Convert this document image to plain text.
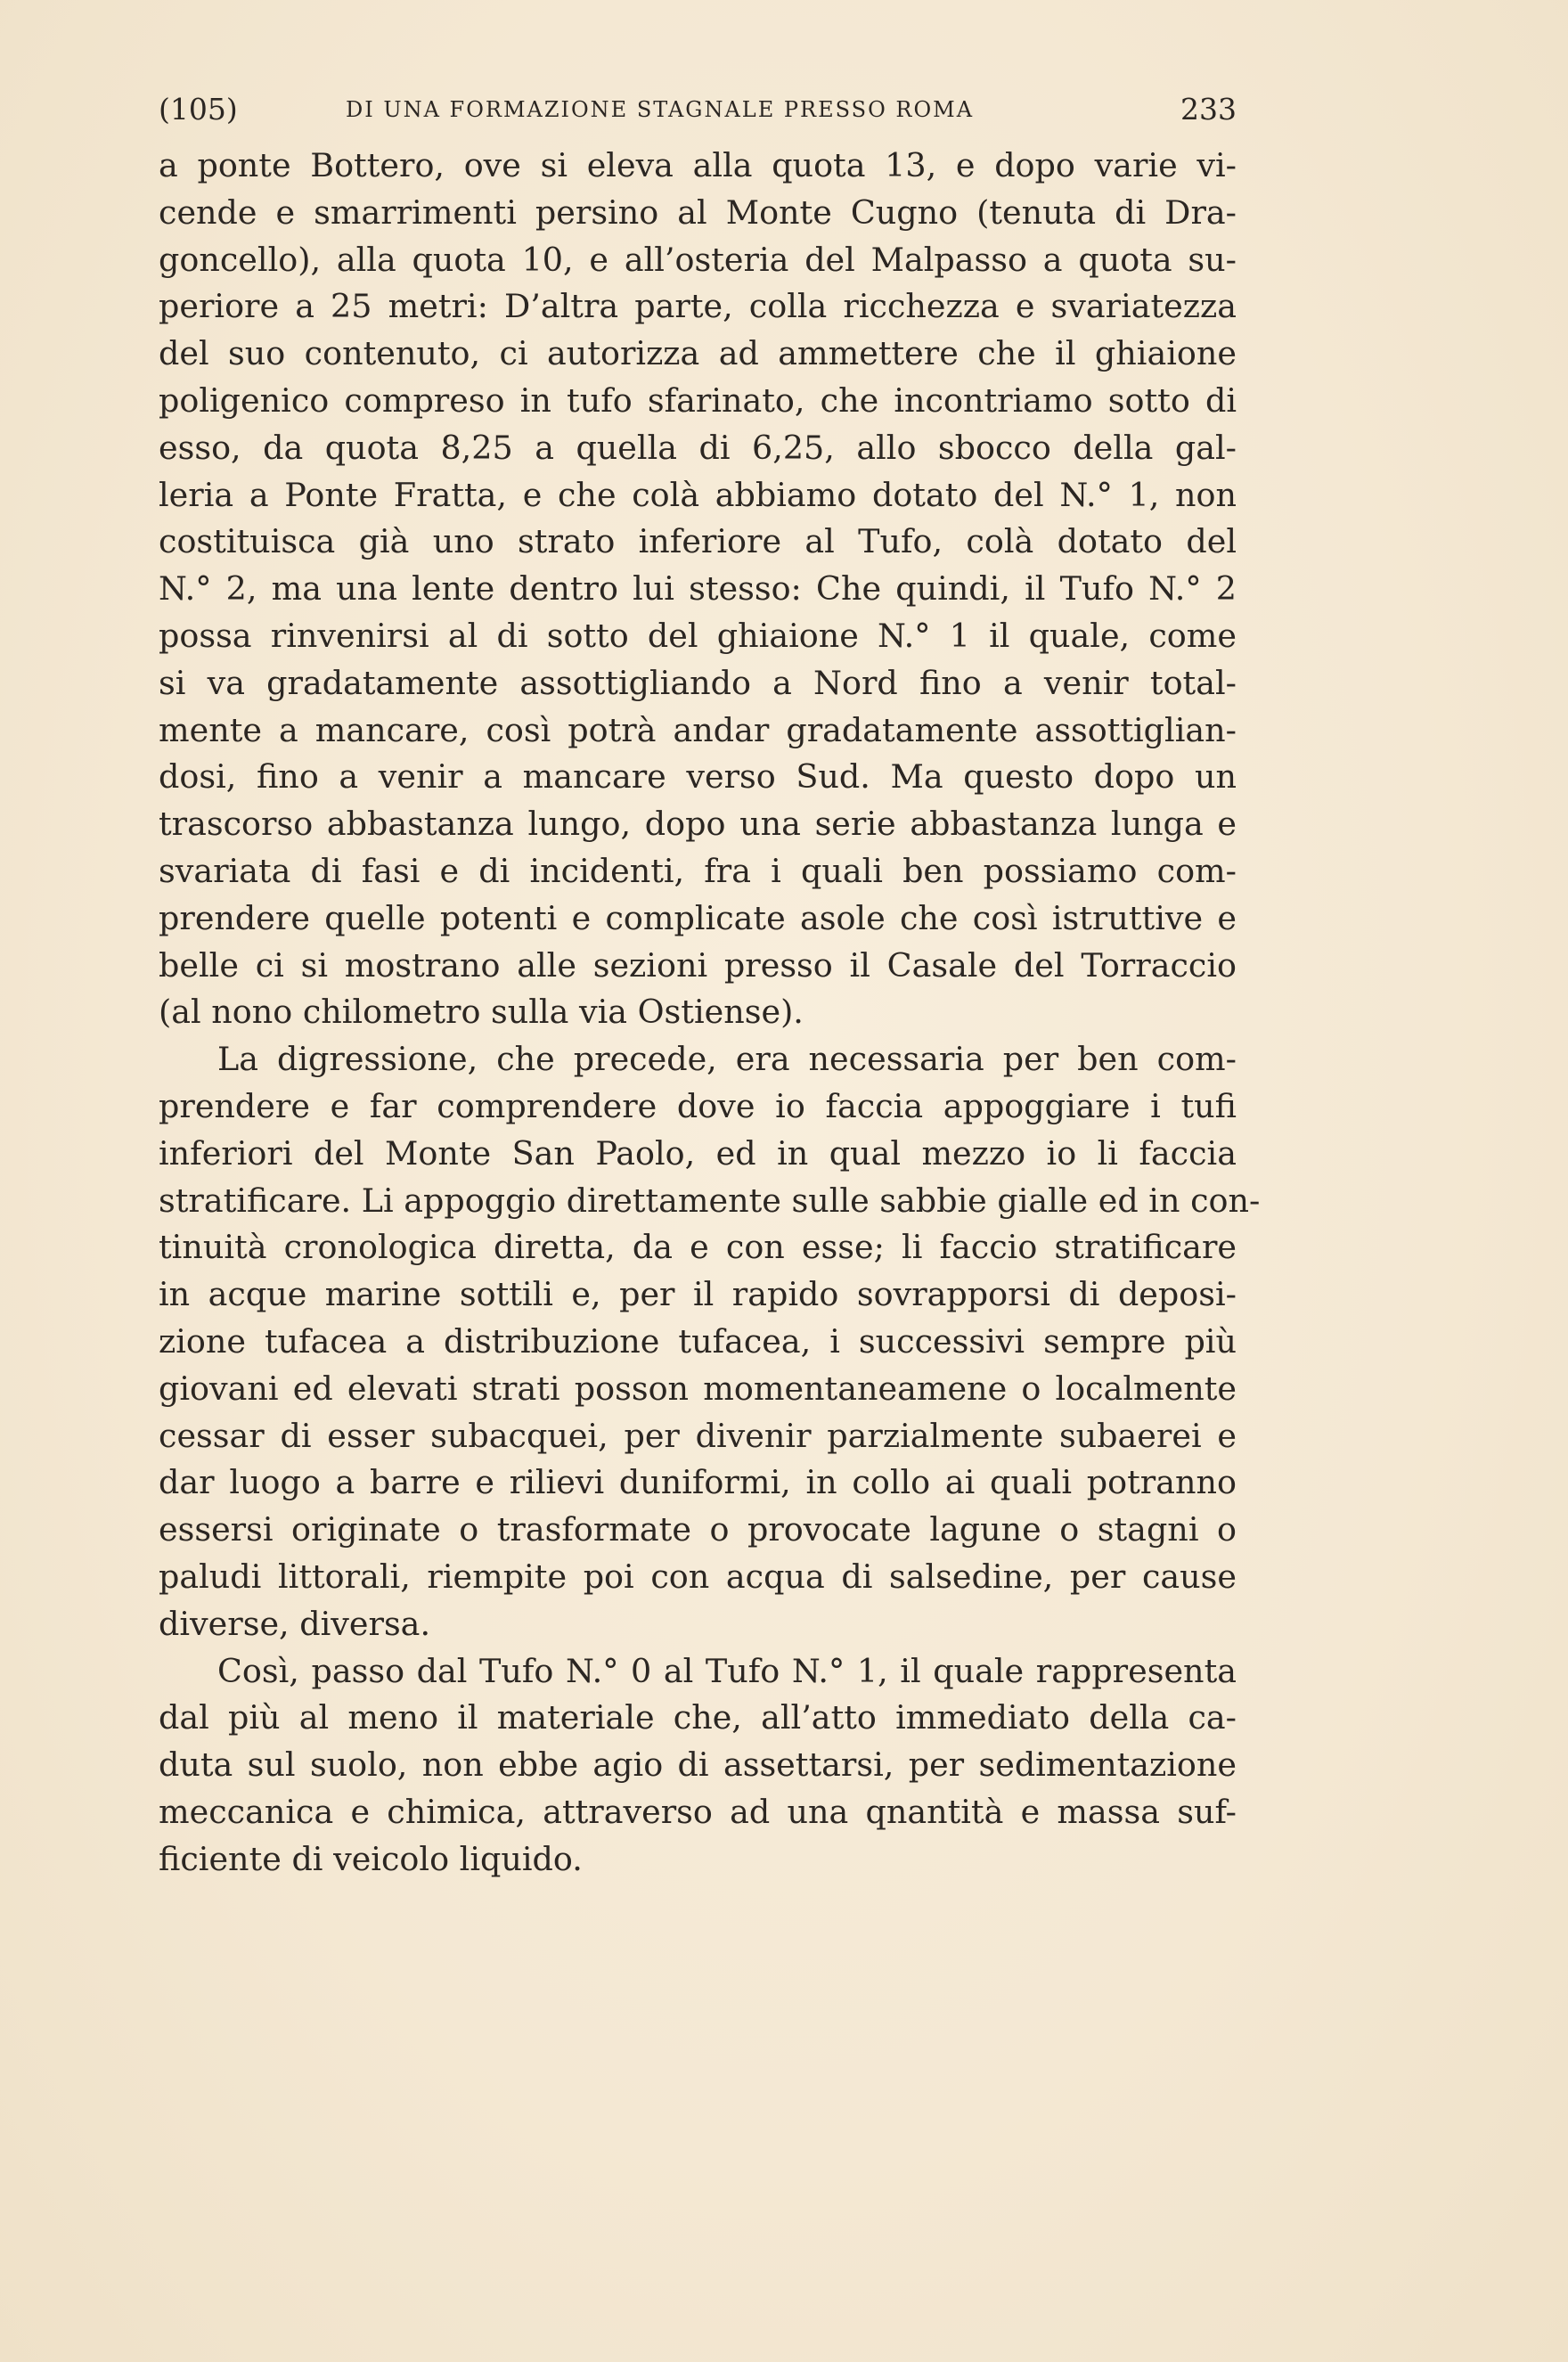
(105)	DI UNA FORMAZIONE STAGNALE PRESSO ROMA	233
a ponte Bottero, ove si eleva alla quota 13, e dopo varie vi-
cende e smarrimenti persino al Monte Cugno (tenuta di Dra-
goncello), alla quota 10, e all’osteria del Malpasso a quota su-
periore a 25 metri: D’altra parte, colla ricchezza e svariatezza
del suo contenuto, ci autorizza ad ammettere che il ghiaione
poligenico compreso in tufo sfarinato, che incontriamo sotto di
esso, da quota 8,25 a quella di 6,25, allo sbocco della gal-
leria a Ponte Fratta, e che colà abbiamo dotato del N.° 1, non
costituisca già uno strato inferiore al Tufo, colà dotato del
N.° 2, ma una lente dentro lui stesso: Che quindi, il Tufo N.° 2
possa rinvenirsi al di sotto del ghiaione N.° 1 il quale, come
si va gradatamente assottigliando a Nord fino a venir total-
mente a mancare, così potrà andar gradatamente assottiglian-
dosi, fino a venir a mancare verso Sud. Ma questo dopo un
trascorso abbastanza lungo, dopo una serie abbastanza lunga e
svariata di fasi e di incidenti, fra i quali ben possiamo com-
prendere quelle potenti e complicate asole che così istruttive e
belle ci si mostrano alle sezioni presso il Casale del Torraccio
(al nono chilometro sulla via Ostiense).
La digressione, che precede, era necessaria per ben com-
prendere e far comprendere dove io faccia appoggiare i tufi
inferiori del Monte San Paolo, ed in qual mezzo io li faccia
stratificare. Li appoggio direttamente sulle sabbie gialle ed in con-
tinuità cronologica diretta, da e con esse; li faccio stratificare
in acque marine sottili e, per il rapido sovrapporsi di deposi-
zione tufacea a distribuzione tufacea, i successivi sempre più
giovani ed elevati strati posson momentaneamene o localmente
cessar di esser subacquei, per divenir parzialmente subaerei e
dar luogo a barre e rilievi duniformi, in collo ai quali potranno
essersi originate o trasformate o provocate lagune o stagni o
paludi littorali, riempite poi con acqua di salsedine, per cause
diverse, diversa.
Così, passo dal Tufo N.° 0 al Tufo N.° 1, il quale rappresenta
dal più al meno il materiale che, all’atto immediato della ca-
duta sul suolo, non ebbe agio di assettarsi, per sedimentazione
meccanica e chimica, attraverso ad una qnantità e massa suf-
ficiente di veicolo liquido.
